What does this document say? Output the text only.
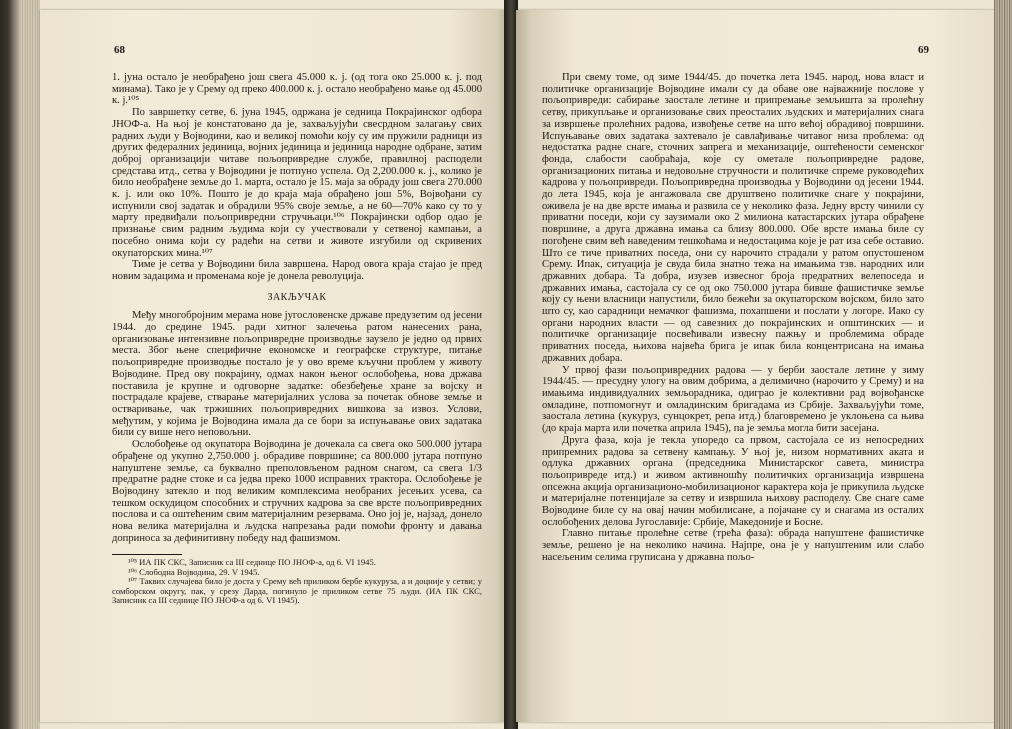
68

1. јуна остало је необрађено још свега 45.000 к. ј. (од тога око 25.000 к. ј. под минама). Тако је у Срему од преко 400.000 к. ј. остало необрађено мање од 45.000 к. ј.¹⁰⁵

По завршетку сетве, 6. јуна 1945, одржана је седница Покрајинског одбора ЈНОФ-а. На њој је констатовано да је, захваљујући свесрдном залагању свих радних људи у Војводини, као и великој помоћи коју су им пружили радници из других федералних јединица, војних јединица и јединица народне одбране, затим доброј организацији читаве пољопривредне службе, правилној расподели средстава итд., сетва у Војводини је потпуно успела. Од 2,200.000 к. ј., колико је било необрађене земље до 1. марта, остало је 15. маја за обраду још свега 270.000 к. ј. или око 10%. Пошто је до краја маја обрађено још 5%, Војвођани су испунили свој задатак и обрадили 95% своје земље, а не 60—70% како су то у марту предвиђали пољопривредни стручњаци.¹⁰⁶ Покрајински одбор одао је признање свим радним људима који су учествовали у сетвеној кампањи, а посебно онима који су радећи на сетви и животе изгубили од скривених окупаторских мина.¹⁰⁷

Тиме је сетва у Војводини била завршена. Народ овога краја стајао је пред новим задацима и променама које је донела револуција.

ЗАКЉУЧАК

Међу многобројним мерама нове југословенске државе предузетим од јесени 1944. до средине 1945. ради хитног залечења ратом нанесених рана, организовање интензивне пољопривредне производње заузело је једно од првих места. Због њене специфичне економске и географске структуре, питање пољопривредне производње постало је у ово време кључни проблем у животу Војводине. Пред ову покрајину, одмах након њеног ослобођења, нова држава поставила је крупне и одговорне задатке: обезбеђење хране за војску и пострадале крајеве, стварање материјалних услова за почетак обнове земље и остваривање, чак тржишних пољопривредних вишкова за извоз. Услови, међутим, у којима је Војводина имала да се бори за испуњавање ових задатака били су више него неповољни.

Ослобођење од окупатора Војводина је дочекала са свега око 500.000 јутара обрађене од укупно 2,750.000 ј. обрадиве површине; са 800.000 јутара потпуно напуштене земље, са буквално преполовљеном радном снагом, са свега 1/3 предратне радне стоке и са једва преко 1000 исправних трактора. Ослобођење је Војводину затекло и под великим комплексима необраних јесењих усева, са тешком оскудицом способних и стручних кадрова за све врсте пољопривредних послова и са оштећеним свим материјалним резервама. Оно јој је, најзад, донело нова велика материјална и људска напрезања ради помоћи фронту и давања доприноса за дефинитивну победу над фашизмом.

¹⁰⁵ ИА ПК СКС, Записник са III седнице ПО ЈНОФ-а, од 6. VI 1945.

¹⁰⁶ Слободна Војводина, 29. V 1945.

¹⁰⁷ Таквих случајева било је доста у Срему већ приликом бербе кукуруза, а и доцније у сетви; у сомборском округу, пак, у срезу Дарда, погинуло је приликом сетве 75 људи. (ИА ПК СКС, Записник са III седнице ПО ЈНОФ-а од 6. VI 1945).

69

При свему томе, од зиме 1944/45. до почетка лета 1945. народ, нова власт и политичке организације Војводине имали су да обаве ове најважније послове у пољопривреди: сабирање заостале летине и припремање земљишта за пролећну сетву, прикупљање и организовање свих преосталих људских и материјалних снага за извршење пролећних радова, извођење сетве на што већој обрадивој површини. Испуњавање ових задатака захтевало је савлађивање читавог низа проблема: од недостатка радне снаге, сточних запрега и механизације, оштећености семенског фонда, слабости саобраћаја, које су ометале пољопривредне радове, организационих питања и недовољне стручности и политичке спреме руководећих кадрова у пољопривреди. Пољопривредна производња у Војводини од јесени 1944. до лета 1945, која је ангажовала све друштвено политичке снаге у покрајини, оживела је на две врсте имања и развила се у неколико фаза. Једну врсту чинили су приватни поседи, који су заузимали око 2 милиона катастарских јутара обрађене површине, а друга државна имања са близу 800.000. Обе врсте имања биле су погођене свим већ наведеним тешкоћама и недостацима које је рат иза себе оставио. Што се тиче приватних поседа, они су нарочито страдали у ратом опустошеном Срему. Ипак, ситуација је свуда била знатно тежа на имањима тзв. народних или државних добара. Та добра, изузев извесног броја предратних велепоседа и државних имања, састојала су се од око 750.000 јутара бивше фашистичке земље коју су њени власници напустили, било бежећи за окупаторском војском, било зато што су, као сарадници немачког фашизма, похапшени и послати у логоре. Иако су органи народних власти — од савезних до покрајинских и општинских — и политичке организације посвећивали извесну пажњу и проблемима обраде приватних поседа, њихова највећа брига је ипак била концентрисана на имања државних добара.

У првој фази пољопривредних радова — у берби заостале летине у зиму 1944/45. — пресудну улогу на овим добрима, а делимично (нарочито у Срему) и на имањима индивидуалних земљорадника, одиграо је колективни рад војвођанске омладине, потпомогнут и омладинским бригадама из Србије. Захваљујући томе, заостала летина (кукуруз, сунцокрет, репа итд.) благовремено је уклоњена са њива (до краја марта или почетка априла 1945), па је земља могла бити засејана.

Друга фаза, која је текла упоредо са првом, састојала се из непосредних припремних радова за сетвену кампању. У њој је, низом нормативних аката и одлука државних органа (председника Министарског савета, министра пољопривреде итд.) и живом активношћу политичких организација извршена опсежна акција организационо-мобилизационог карактера која је прикупила људске и материјалне потенцијале за сетву и извршила њихову расподелу. Све снаге саме Војводине биле су на овај начин мобилисане, а појачане су и снагама из осталих ослобођених делова Југославије: Србије, Македоније и Босне.

Главно питање пролећне сетве (трећа фаза): обрада напуштене фашистичке земље, решено је на неколико начина. Најпре, она је у напуштеним или слабо насељеним селима груписана у државна пољо-
